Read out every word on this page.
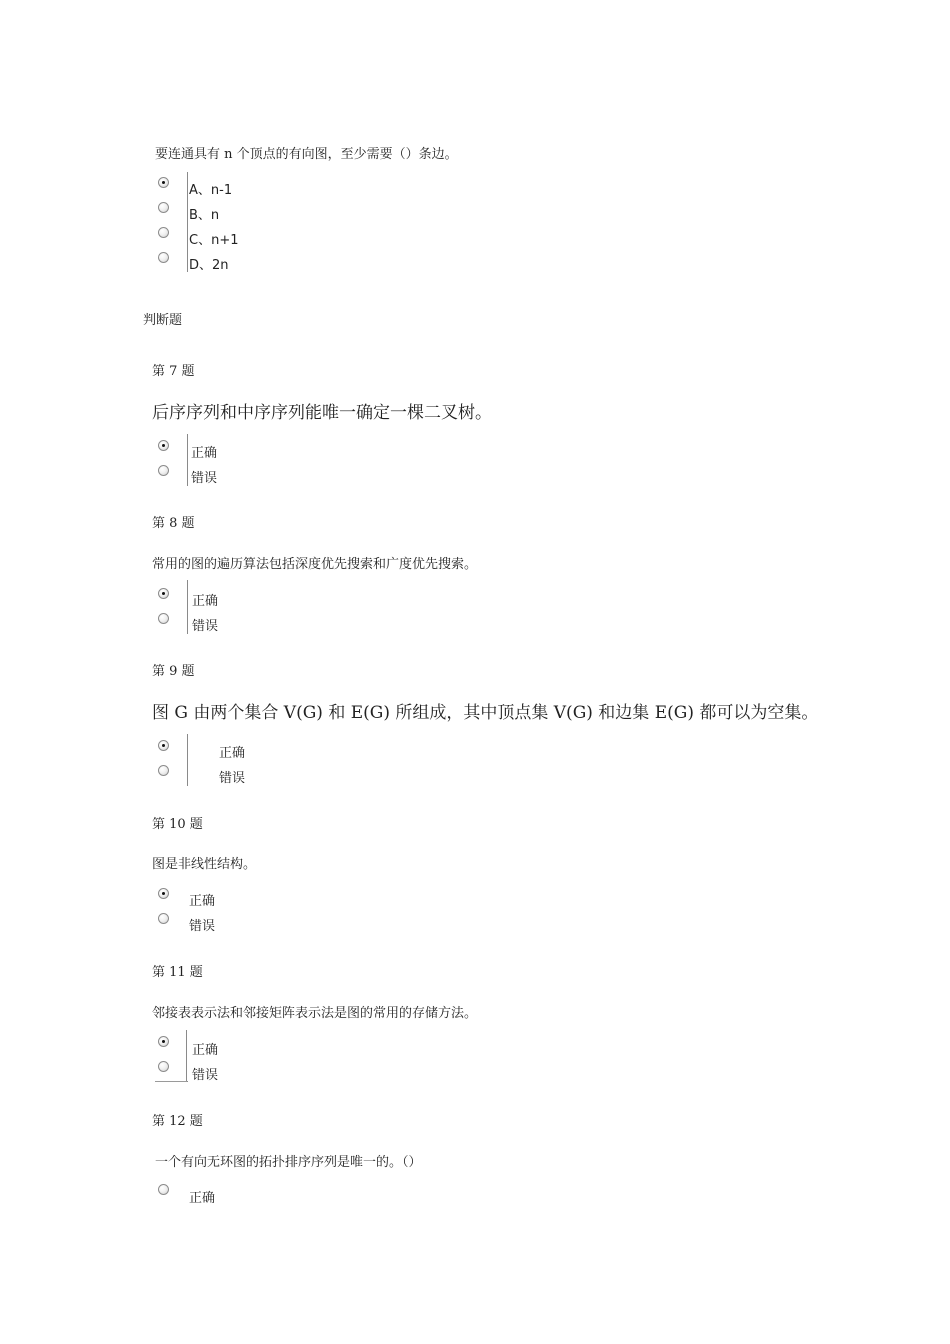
要连通具有 n 个顶点的有向图，至少需要（）条边。
A、n-1
B、n
C、n+1
D、2n
判断题
第 7 题
后序序列和中序序列能唯一确定一棵二叉树。
正确
错误
第 8 题
常用的图的遍历算法包括深度优先搜索和广度优先搜索。
正确
错误
第 9 题
图 G 由两个集合 V(G) 和 E(G) 所组成，其中顶点集 V(G) 和边集 E(G) 都可以为空集。
正确
错误
第 10 题
图是非线性结构。
正确
错误
第 11 题
邻接表表示法和邻接矩阵表示法是图的常用的存储方法。
正确
错误
第 12 题
一个有向无环图的拓扑排序序列是唯一的。（）
正确
